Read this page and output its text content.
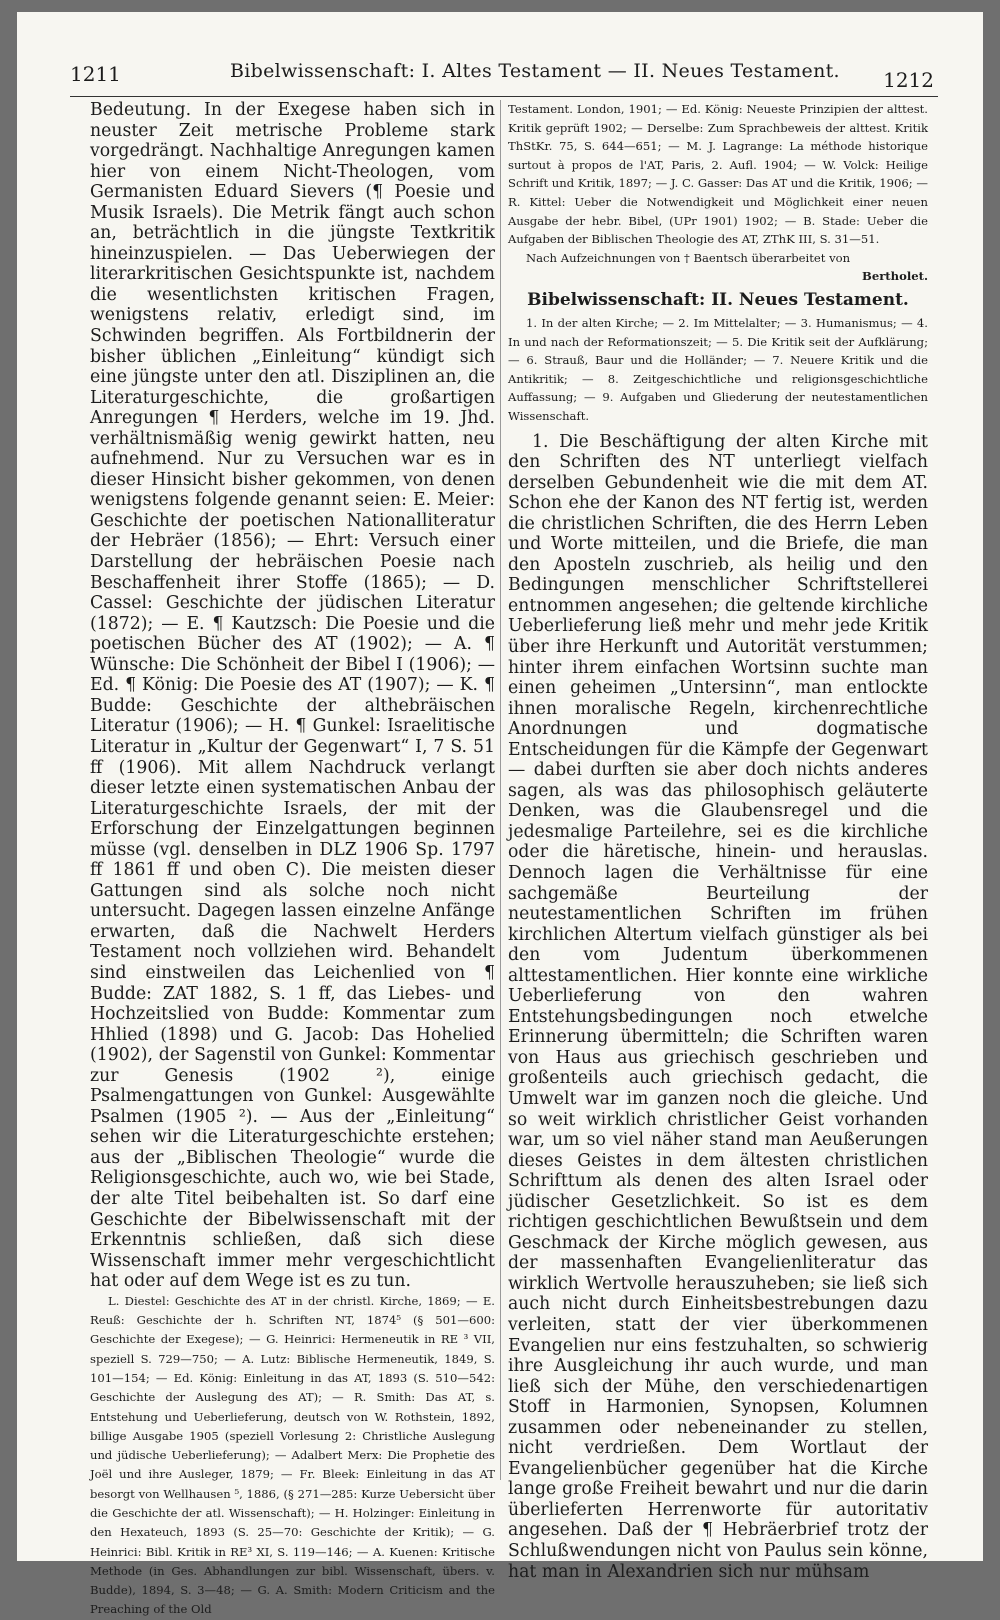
1211	Bibelwissenschaft: I. Altes Testament — II. Neues Testament. 1212

Bedeutung. In der Exegese haben sich in neuster Zeit metrische Probleme stark vorgedrängt. Nachhaltige Anregungen kamen hier von einem Nicht-Theologen, vom Germanisten Eduard Sievers (¶ Poesie und Musik Israels). Die Metrik fängt auch schon an, beträchtlich in die jüngste Textkritik hineinzuspielen. — Das Ueberwiegen der literarkritischen Gesichtspunkte ist, nachdem die wesentlichsten kritischen Fragen, wenigstens relativ, erledigt sind, im Schwinden begriffen. Als Fortbildnerin der bisher üblichen „Einleitung“ kündigt sich eine jüngste unter den atl. Disziplinen an, die Literaturgeschichte, die großartigen Anregungen ¶ Herders, welche im 19. Jhd. verhältnismäßig wenig gewirkt hatten, neu aufnehmend. Nur zu Versuchen war es in dieser Hinsicht bisher gekommen, von denen wenigstens folgende genannt seien: E. Meier: Geschichte der poetischen Nationalliteratur der Hebräer (1856); — Ehrt: Versuch einer Darstellung der hebräischen Poesie nach Beschaffenheit ihrer Stoffe (1865); — D. Cassel: Geschichte der jüdischen Literatur (1872); — E. ¶ Kautzsch: Die Poesie und die poetischen Bücher des AT (1902); — A. ¶ Wünsche: Die Schönheit der Bibel I (1906); — Ed. ¶ König: Die Poesie des AT (1907); — K. ¶ Budde: Geschichte der althebräischen Literatur (1906); — H. ¶ Gunkel: Israelitische Literatur in „Kultur der Gegenwart“ I, 7 S. 51 ff (1906). Mit allem Nachdruck verlangt dieser letzte einen systematischen Anbau der Literaturgeschichte Israels, der mit der Erforschung der Einzelgattungen beginnen müsse (vgl. denselben in DLZ 1906 Sp. 1797 ff 1861 ff und oben C). Die meisten dieser Gattungen sind als solche noch nicht untersucht. Dagegen lassen einzelne Anfänge erwarten, daß die Nachwelt Herders Testament noch vollziehen wird. Behandelt sind einstweilen das Leichenlied von ¶ Budde: ZAT 1882, S. 1 ff, das Liebes- und Hochzeitslied von Budde: Kommentar zum Hhlied (1898) und G. Jacob: Das Hohelied (1902), der Sagenstil von Gunkel: Kommentar zur Genesis (1902 ²), einige Psalmengattungen von Gunkel: Ausgewählte Psalmen (1905 ²). — Aus der „Einleitung“ sehen wir die Literaturgeschichte erstehen; aus der „Biblischen Theologie“ wurde die Religionsgeschichte, auch wo, wie bei Stade, der alte Titel beibehalten ist. So darf eine Geschichte der Bibelwissenschaft mit der Erkenntnis schließen, daß sich diese Wissenschaft immer mehr vergeschichtlicht hat oder auf dem Wege ist es zu tun.

L. Diestel: Geschichte des AT in der christl. Kirche, 1869; — E. Reuß: Geschichte der h. Schriften NT, 1874⁵ (§ 501—600: Geschichte der Exegese); — G. Heinrici: Hermeneutik in RE ³ VII, speziell S. 729—750; — A. Lutz: Biblische Hermeneutik, 1849, S. 101—154; — Ed. König: Einleitung in das AT, 1893 (S. 510—542: Geschichte der Auslegung des AT); — R. Smith: Das AT, s. Entstehung und Ueberlieferung, deutsch von W. Rothstein, 1892, billige Ausgabe 1905 (speziell Vorlesung 2: Christliche Auslegung und jüdische Ueberlieferung); — Adalbert Merx: Die Prophetie des Joël und ihre Ausleger, 1879; — Fr. Bleek: Einleitung in das AT besorgt von Wellhausen ⁵, 1886, (§ 271—285: Kurze Uebersicht über die Geschichte der atl. Wissenschaft); — H. Holzinger: Einleitung in den Hexateuch, 1893 (S. 25—70: Geschichte der Kritik); — G. Heinrici: Bibl. Kritik in RE³ XI, S. 119—146; — A. Kuenen: Kritische Methode (in Ges. Abhandlungen zur bibl. Wissenschaft, übers. v. Budde), 1894, S. 3—48; — G. A. Smith: Modern Criticism and the Preaching of the Old

Testament. London, 1901; — Ed. König: Neueste Prinzipien der alttest. Kritik geprüft 1902; — Derselbe: Zum Sprachbeweis der alttest. Kritik ThStKr. 75, S. 644—651; — M. J. Lagrange: La méthode historique surtout à propos de l'AT, Paris, 2. Aufl. 1904; — W. Volck: Heilige Schrift und Kritik, 1897; — J. C. Gasser: Das AT und die Kritik, 1906; — R. Kittel: Ueber die Notwendigkeit und Möglichkeit einer neuen Ausgabe der hebr. Bibel, (UPr 1901) 1902; — B. Stade: Ueber die Aufgaben der Biblischen Theologie des AT, ZThK III, S. 31—51.

Nach Aufzeichnungen von † Baentsch überarbeitet von

Bertholet.

Bibelwissenschaft: II. Neues Testament.

1. In der alten Kirche; — 2. Im Mittelalter; — 3. Humanismus; — 4. In und nach der Reformationszeit; — 5. Die Kritik seit der Aufklärung; — 6. Strauß, Baur und die Holländer; — 7. Neuere Kritik und die Antikritik; — 8. Zeitgeschichtliche und religionsgeschichtliche Auffassung; — 9. Aufgaben und Gliederung der neutestamentlichen Wissenschaft.

1. Die Beschäftigung der alten Kirche mit den Schriften des NT unterliegt vielfach derselben Gebundenheit wie die mit dem AT. Schon ehe der Kanon des NT fertig ist, werden die christlichen Schriften, die des Herrn Leben und Worte mitteilen, und die Briefe, die man den Aposteln zuschrieb, als heilig und den Bedingungen menschlicher Schriftstellerei entnommen angesehen; die geltende kirchliche Ueberlieferung ließ mehr und mehr jede Kritik über ihre Herkunft und Autorität verstummen; hinter ihrem einfachen Wortsinn suchte man einen geheimen „Untersinn“, man entlockte ihnen moralische Regeln, kirchenrechtliche Anordnungen und dogmatische Entscheidungen für die Kämpfe der Gegenwart — dabei durften sie aber doch nichts anderes sagen, als was das philosophisch geläuterte Denken, was die Glaubensregel und die jedesmalige Parteilehre, sei es die kirchliche oder die häretische, hinein- und herauslas. Dennoch lagen die Verhältnisse für eine sachgemäße Beurteilung der neutestamentlichen Schriften im frühen kirchlichen Altertum vielfach günstiger als bei den vom Judentum überkommenen alttestamentlichen. Hier konnte eine wirkliche Ueberlieferung von den wahren Entstehungsbedingungen noch etwelche Erinnerung übermitteln; die Schriften waren von Haus aus griechisch geschrieben und großenteils auch griechisch gedacht, die Umwelt war im ganzen noch die gleiche. Und so weit wirklich christlicher Geist vorhanden war, um so viel näher stand man Aeußerungen dieses Geistes in dem ältesten christlichen Schrifttum als denen des alten Israel oder jüdischer Gesetzlichkeit. So ist es dem richtigen geschichtlichen Bewußtsein und dem Geschmack der Kirche möglich gewesen, aus der massenhaften Evangelienliteratur das wirklich Wertvolle herauszuheben; sie ließ sich auch nicht durch Einheitsbestrebungen dazu verleiten, statt der vier überkommenen Evangelien nur eins festzuhalten, so schwierig ihre Ausgleichung ihr auch wurde, und man ließ sich der Mühe, den verschiedenartigen Stoff in Harmonien, Synopsen, Kolumnen zusammen oder nebeneinander zu stellen, nicht verdrießen. Dem Wortlaut der Evangelienbücher gegenüber hat die Kirche lange große Freiheit bewahrt und nur die darin überlieferten Herrenworte für autoritativ angesehen. Daß der ¶ Hebräerbrief trotz der Schlußwendungen nicht von Paulus sein könne, hat man in Alexandrien sich nur mühsam
